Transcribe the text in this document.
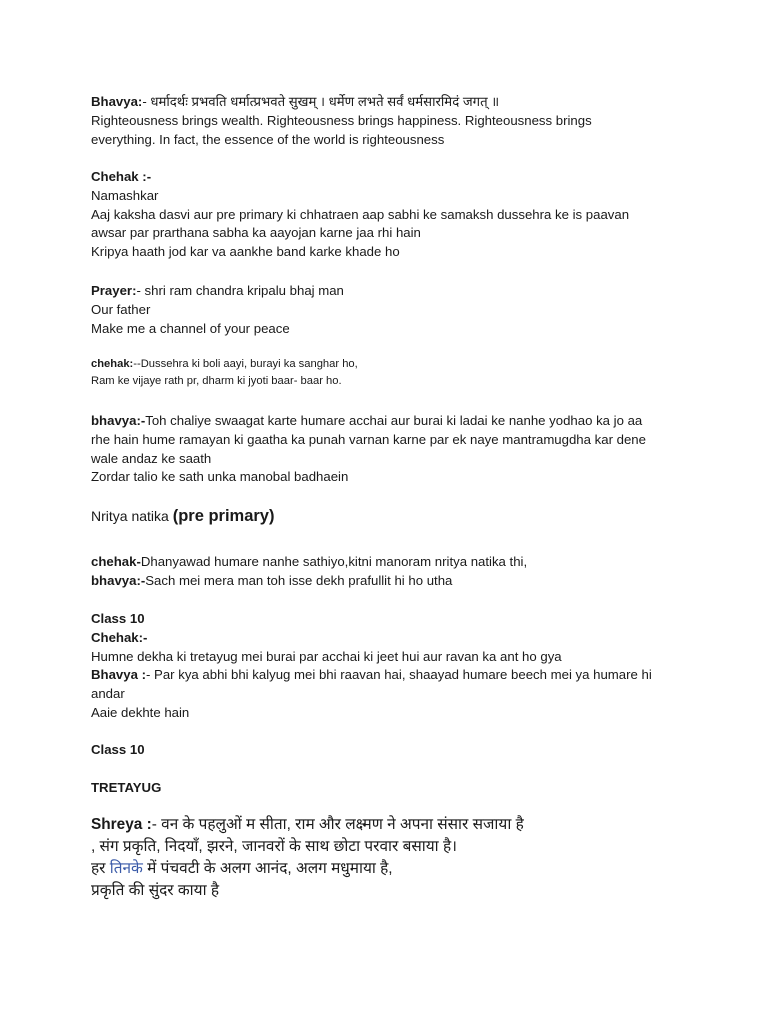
Bhavya:- धर्मादर्थः प्रभवति धर्मात्प्रभवते सुखम् । धर्मेण लभते सर्वं धर्मसारमिदं जगत् ॥
Righteousness brings wealth. Righteousness brings happiness. Righteousness brings
everything. In fact, the essence of the world is righteousness
Chehak :-
Namashkar
Aaj kaksha dasvi aur pre primary ki chhatraen aap sabhi ke samaksh dussehra ke is paavan
awsar par prarthana sabha ka aayojan karne jaa rhi hain
Kripya haath jod kar va aankhe band karke khade ho
Prayer:- shri ram chandra kripalu bhaj man
Our father
Make me a channel of your peace
chehak:--Dussehra ki boli aayi, burayi ka sanghar ho,
Ram ke vijaye rath pr, dharm ki jyoti baar- baar ho.
bhavya:-Toh chaliye swaagat karte humare acchai aur burai ki ladai ke nanhe yodhao ka jo aa
rhe hain hume ramayan ki gaatha ka punah varnan karne par ek naye mantramugdha kar dene
wale andaz ke saath
Zordar talio ke sath unka manobal badhaein
Nritya natika (pre primary)
chehak-Dhanyawad humare nanhe sathiyo,kitni manoram nritya natika thi,
bhavya:-Sach mei mera man toh isse dekh prafullit hi ho utha
Class 10
Chehak:-
Humne dekha ki tretayug mei burai par acchai ki jeet hui aur ravan ka ant ho gya
Bhavya :- Par kya abhi bhi kalyug mei bhi raavan hai, shaayad humare beech mei ya humare hi
andar
Aaie dekhte hain
Class 10
TRETAYUG
Shreya :- वन के पहलुओं म सीता, राम और लक्ष्मण ने अपना संसार सजाया है
, संग प्रकृति, निदयाँ, झरने, जानवरों के साथ छोटा परवार बसाया है।
हर तिनके में पंचवटी के अलग आनंद, अलग मधुमाया है,
प्रकृति की सुंदर काया है
